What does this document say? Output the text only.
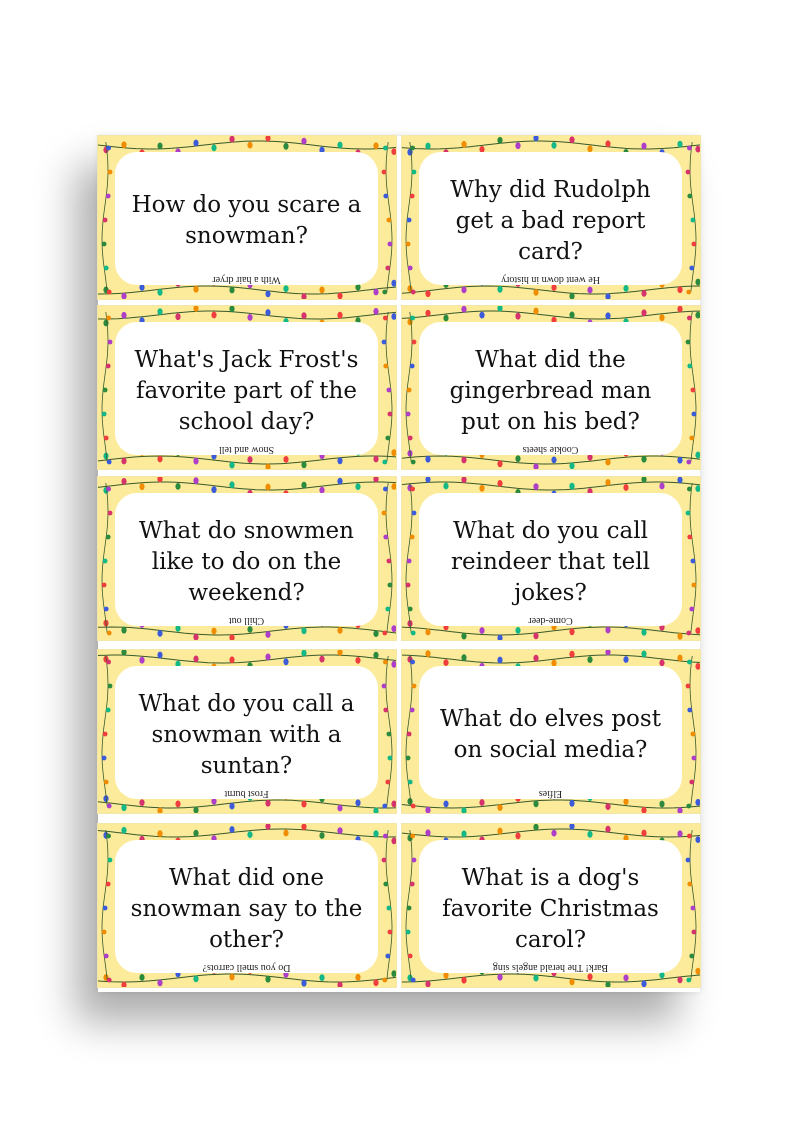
How do you scare a snowman?

With a hair dryer

Why did Rudolph get a bad report card?

He went down in history

What's Jack Frost's favorite part of the school day?

Snow and tell

What did the gingerbread man put on his bed?

Cookie sheets

What do snowmen like to do on the weekend?

Chill out

What do you call reindeer that tell jokes?

Come-deer

What do you call a snowman with a suntan?

Frost burnt

What do elves post on social media?

Elfies

What did one snowman say to the other?

Do you smell carrots?

What is a dog's favorite Christmas carol?

Bark! The herald angels sing
